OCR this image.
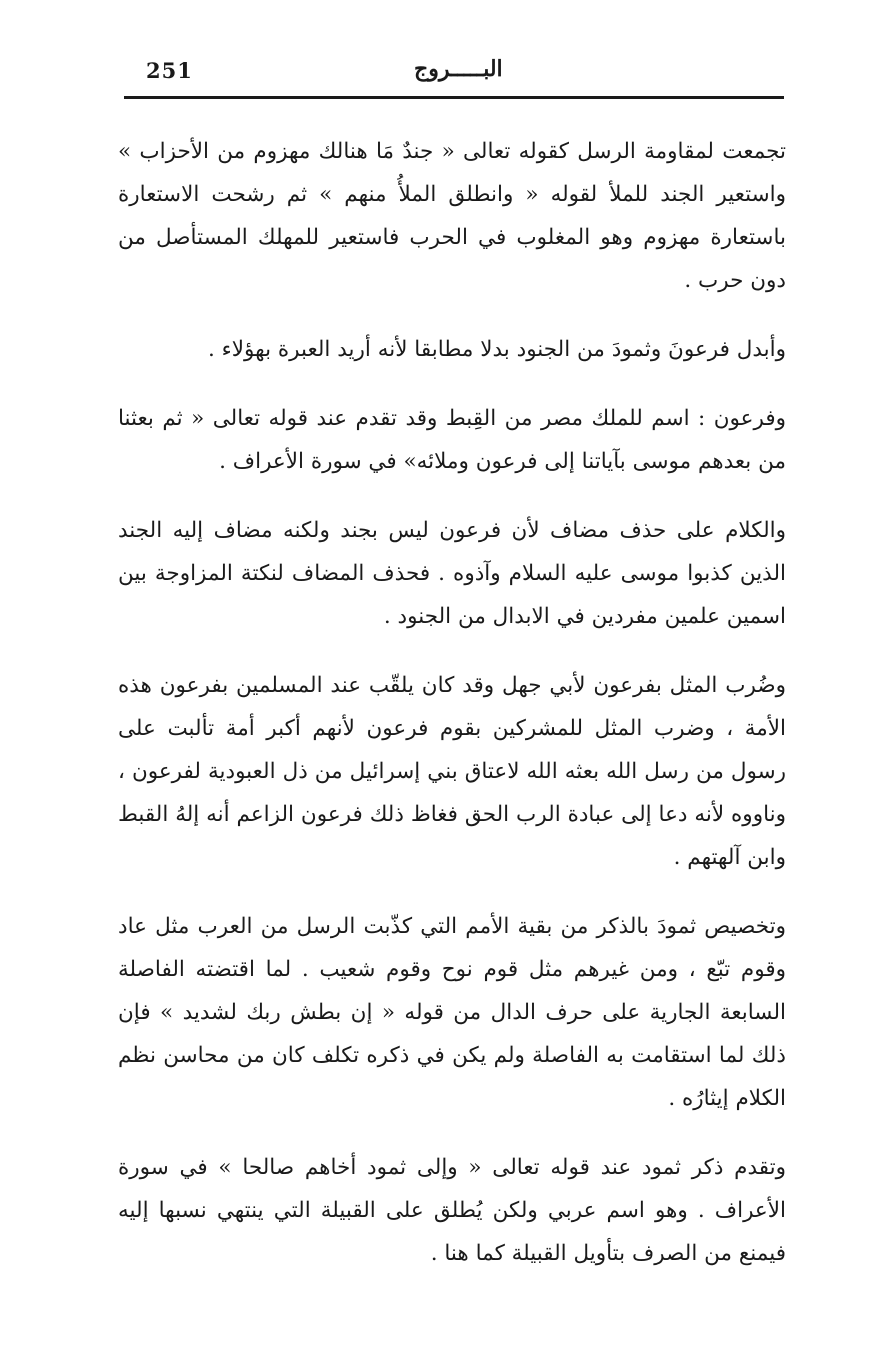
251	البـــــروج

تجمعت لمقاومة الرسل كقوله تعالى « جندٌ مَا هنالك مهزوم من الأحزاب » واستعير الجند للملأ لقوله « وانطلق الملأُ منهم » ثم رشحت الاستعارة باستعارة مهزوم وهو المغلوب في الحرب فاستعير للمهلك المستأصل من دون حرب .

وأبدل فرعونَ وثمودَ من الجنود بدلا مطابقا لأنه أريد العبرة بهؤلاء .

وفرعون : اسم للملك مصر من القِبط وقد تقدم عند قوله تعالى « ثم بعثنا من بعدهم موسى بآياتنا إلى فرعون وملائه» في سورة الأعراف .

والكلام على حذف مضاف لأن فرعون ليس بجند ولكنه مضاف إليه الجند الذين كذبوا موسى عليه السلام وآذوه . فحذف المضاف لنكتة المزاوجة بين اسمين علمين مفردين في الابدال من الجنود .

وضُرب المثل بفرعون لأبي جهل وقد كان يلقّب عند المسلمين بفرعون هذه الأمة ، وضرب المثل للمشركين بقوم فرعون لأنهم أكبر أمة تألبت على رسول من رسل الله بعثه الله لاعتاق بني إسرائيل من ذل العبودية لفرعون ، وناووه لأنه دعا إلى عبادة الرب الحق فغاظ ذلك فرعون الزاعم أنه إلهُ القبط وابن آلهتهم .

وتخصيص ثمودَ بالذكر من بقية الأمم التي كذّبت الرسل من العرب مثل عاد وقوم تبّع ، ومن غيرهم مثل قوم نوح وقوم شعيب . لما اقتضته الفاصلة السابعة الجارية على حرف الدال من قوله « إن بطش ربك لشديد » فإن ذلك لما استقامت به الفاصلة ولم يكن في ذكره تكلف كان من محاسن نظم الكلام إيثارُه .

وتقدم ذكر ثمود عند قوله تعالى « وإلى ثمود أخاهم صالحا » في سورة الأعراف . وهو اسم عربي ولكن يُطلق على القبيلة التي ينتهي نسبها إليه فيمنع من الصرف بتأويل القبيلة كما هنا .
